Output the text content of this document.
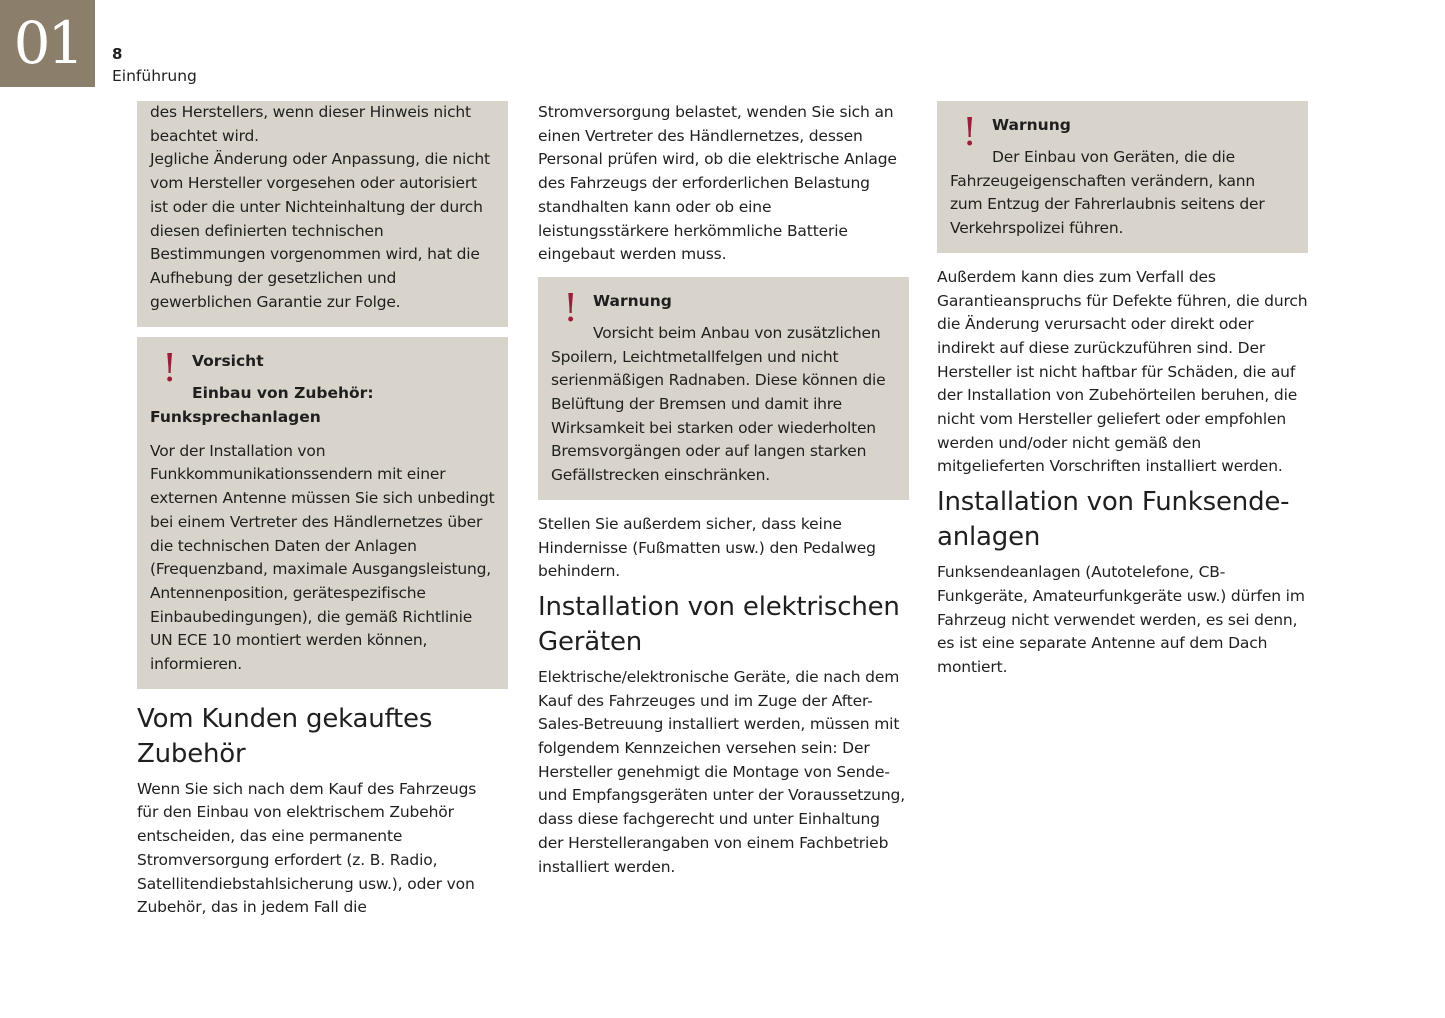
01	8
Einführung
des Herstellers, wenn dieser Hinweis nicht beachtet wird.
Jegliche Änderung oder Anpassung, die nicht vom Hersteller vorgesehen oder autorisiert ist oder die unter Nichteinhaltung der durch diesen definierten technischen Bestimmungen vorgenommen wird, hat die Aufhebung der gesetzlichen und gewerblichen Garantie zur Folge.
! Vorsicht
Einbau von Zubehör: Funksprechanlagen
Vor der Installation von Funkkommunikationssendern mit einer externen Antenne müssen Sie sich unbedingt bei einem Vertreter des Händlernetzes über die technischen Daten der Anlagen (Frequenzband, maximale Ausgangsleistung, Antennenposition, gerätespezifische Einbaubedingungen), die gemäß Richtlinie UN ECE 10 montiert werden können, informieren.
Vom Kunden gekauftes Zubehör
Wenn Sie sich nach dem Kauf des Fahrzeugs für den Einbau von elektrischem Zubehör entscheiden, das eine permanente Stromversorgung erfordert (z. B. Radio, Satellitendiebstahlsicherung usw.), oder von Zubehör, das in jedem Fall die
Stromversorgung belastet, wenden Sie sich an einen Vertreter des Händlernetzes, dessen Personal prüfen wird, ob die elektrische Anlage des Fahrzeugs der erforderlichen Belastung standhalten kann oder ob eine leistungsstärkere herkömmliche Batterie eingebaut werden muss.
! Warnung
Vorsicht beim Anbau von zusätzlichen Spoilern, Leichtmetallfelgen und nicht serienmäßigen Radnaben. Diese können die Belüftung der Bremsen und damit ihre Wirksamkeit bei starken oder wiederholten Bremsvorgängen oder auf langen starken Gefällstrecken einschränken.
Stellen Sie außerdem sicher, dass keine Hindernisse (Fußmatten usw.) den Pedalweg behindern.
Installation von elektrischen Geräten
Elektrische/elektronische Geräte, die nach dem Kauf des Fahrzeuges und im Zuge der After-Sales-Betreuung installiert werden, müssen mit folgendem Kennzeichen versehen sein: Der Hersteller genehmigt die Montage von Sende- und Empfangsgeräten unter der Voraussetzung, dass diese fachgerecht und unter Einhaltung der Herstellerangaben von einem Fachbetrieb installiert werden.
! Warnung
Der Einbau von Geräten, die die Fahrzeugeigenschaften verändern, kann zum Entzug der Fahrerlaubnis seitens der Verkehrspolizei führen.
Außerdem kann dies zum Verfall des Garantieanspruchs für Defekte führen, die durch die Änderung verursacht oder direkt oder indirekt auf diese zurückzuführen sind. Der Hersteller ist nicht haftbar für Schäden, die auf der Installation von Zubehörteilen beruhen, die nicht vom Hersteller geliefert oder empfohlen werden und/oder nicht gemäß den mitgelieferten Vorschriften installiert werden.
Installation von Funksende-anlagen
Funksendeanlagen (Autotelefone, CB-Funkgeräte, Amateurfunkgeräte usw.) dürfen im Fahrzeug nicht verwendet werden, es sei denn, es ist eine separate Antenne auf dem Dach montiert.
